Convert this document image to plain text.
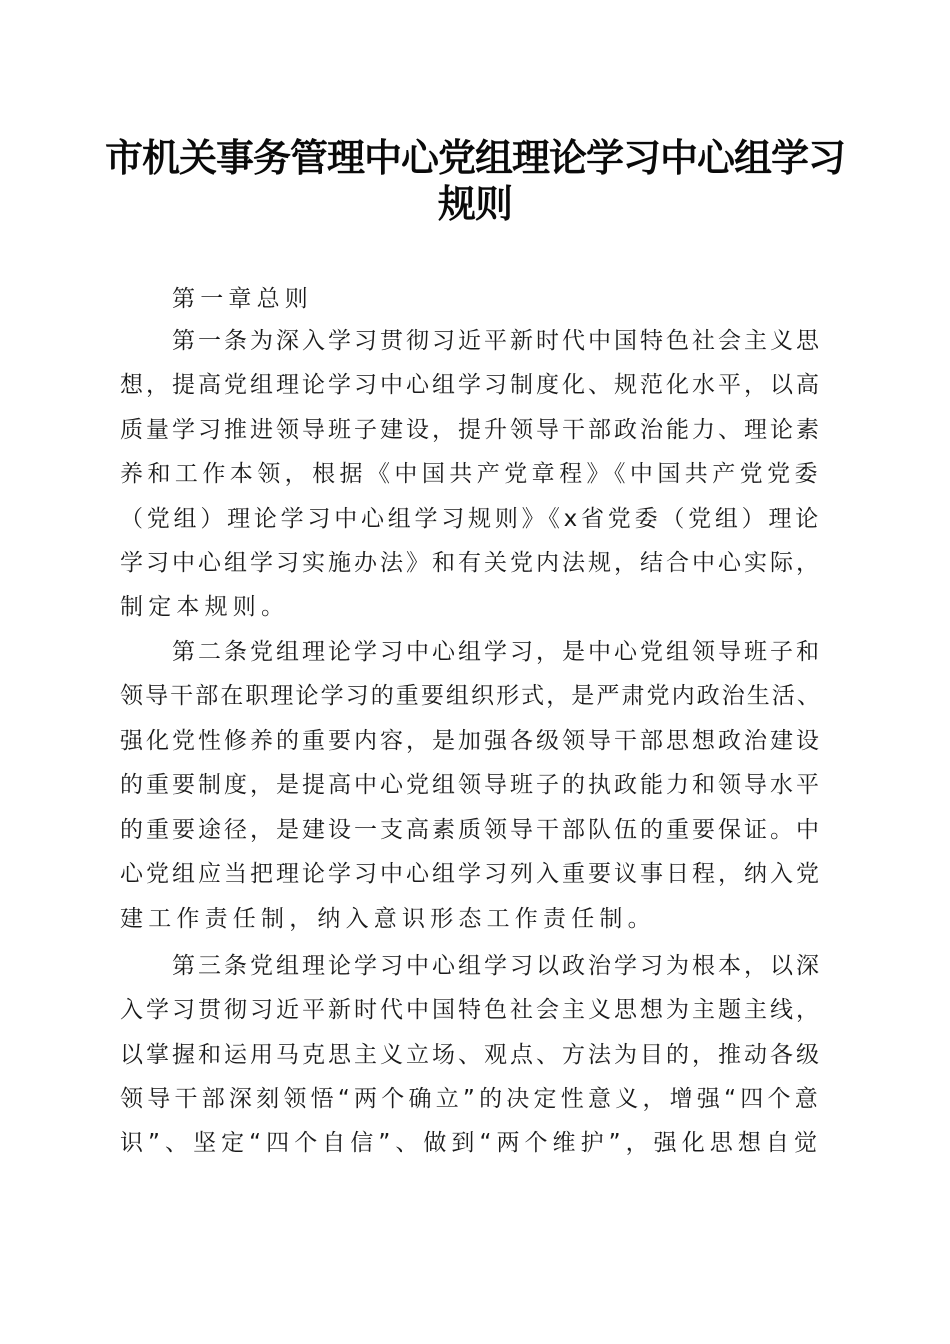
市机关事务管理中心党组理论学习中心组学习
规则
第一章总则
第一条为深入学习贯彻习近平新时代中国特色社会主义思
想，提高党组理论学习中心组学习制度化、规范化水平，以高
质量学习推进领导班子建设，提升领导干部政治能力、理论素
养和工作本领，根据《中国共产党章程》《中国共产党党委
（党组）理论学习中心组学习规则》《x省党委（党组）理论
学习中心组学习实施办法》和有关党内法规，结合中心实际，
制定本规则。
第二条党组理论学习中心组学习，是中心党组领导班子和
领导干部在职理论学习的重要组织形式，是严肃党内政治生活、
强化党性修养的重要内容，是加强各级领导干部思想政治建设
的重要制度，是提高中心党组领导班子的执政能力和领导水平
的重要途径，是建设一支高素质领导干部队伍的重要保证。中
心党组应当把理论学习中心组学习列入重要议事日程，纳入党
建工作责任制，纳入意识形态工作责任制。
第三条党组理论学习中心组学习以政治学习为根本，以深
入学习贯彻习近平新时代中国特色社会主义思想为主题主线，
以掌握和运用马克思主义立场、观点、方法为目的，推动各级
领导干部深刻领悟“两个确立”的决定性意义，增强“四个意
识”、坚定“四个自信”、做到“两个维护”，强化思想自觉
